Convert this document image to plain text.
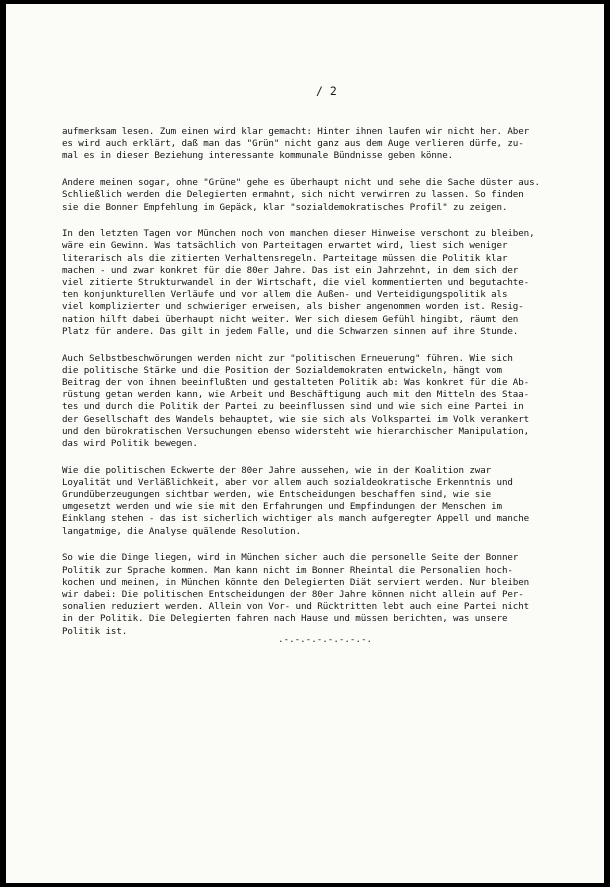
/ 2
aufmerksam lesen. Zum einen wird klar gemacht: Hinter ihnen laufen wir nicht her. Aber
es wird auch erklärt, daß man das "Grün" nicht ganz aus dem Auge verlieren dürfe, zu-
mal es in dieser Beziehung interessante kommunale Bündnisse geben könne.
Andere meinen sogar, ohne "Grüne" gehe es überhaupt nicht und sehe die Sache düster aus.
Schließlich werden die Delegierten ermahnt, sich nicht verwirren zu lassen. So finden
sie die Bonner Empfehlung im Gepäck, klar "sozialdemokratisches Profil" zu zeigen.
In den letzten Tagen vor München noch von manchen dieser Hinweise verschont zu bleiben,
wäre ein Gewinn. Was tatsächlich von Parteitagen erwartet wird, liest sich weniger
literarisch als die zitierten Verhaltensregeln. Parteitage müssen die Politik klar
machen - und zwar konkret für die 80er Jahre. Das ist ein Jahrzehnt, in dem sich der
viel zitierte Strukturwandel in der Wirtschaft, die viel kommentierten und begutachte-
ten konjunkturellen Verläufe und vor allem die Außen- und Verteidigungspolitik als
viel komplizierter und schwieriger erweisen, als bisher angenommen worden ist. Resig-
nation hilft dabei überhaupt nicht weiter. Wer sich diesem Gefühl hingibt, räumt den
Platz für andere. Das gilt in jedem Falle, und die Schwarzen sinnen auf ihre Stunde.
Auch Selbstbeschwörungen werden nicht zur "politischen Erneuerung" führen. Wie sich
die politische Stärke und die Position der Sozialdemokraten entwickeln, hängt vom
Beitrag der von ihnen beeinflußten und gestalteten Politik ab: Was konkret für die Ab-
rüstung getan werden kann, wie Arbeit und Beschäftigung auch mit den Mitteln des Staa-
tes und durch die Politik der Partei zu beeinflussen sind und wie sich eine Partei in
der Gesellschaft des Wandels behauptet, wie sie sich als Volkspartei im Volk verankert
und den bürokratischen Versuchungen ebenso widersteht wie hierarchischer Manipulation,
das wird Politik bewegen.
Wie die politischen Eckwerte der 80er Jahre aussehen, wie in der Koalition zwar
Loyalität und Verläßlichkeit, aber vor allem auch sozialdeokratische Erkenntnis und
Grundüberzeugungen sichtbar werden, wie Entscheidungen beschaffen sind, wie sie
umgesetzt werden und wie sie mit den Erfahrungen und Empfindungen der Menschen im
Einklang stehen - das ist sicherlich wichtiger als manch aufgeregter Appell und manche
langatmige, die Analyse quälende Resolution.
So wie die Dinge liegen, wird in München sicher auch die personelle Seite der Bonner
Politik zur Sprache kommen. Man kann nicht im Bonner Rheintal die Personalien hoch-
kochen und meinen, in München könnte den Delegierten Diät serviert werden. Nur bleiben
wir dabei: Die politischen Entscheidungen der 80er Jahre können nicht allein auf Per-
sonalien reduziert werden. Allein von Vor- und Rücktritten lebt auch eine Partei nicht
in der Politik. Die Delegierten fahren nach Hause und müssen berichten, was unsere
Politik ist.
.-.-.-.-.-.-.-.-.
